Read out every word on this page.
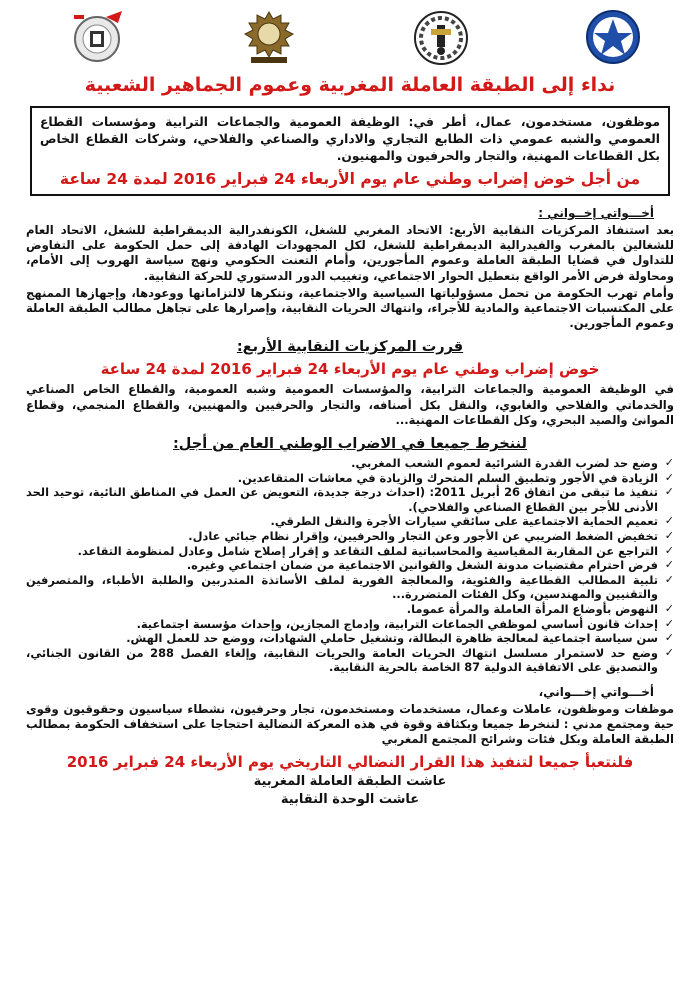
نداء إلى الطبقة العاملة المغربية وعموم الجماهير الشعبية

موظفون، مستخدمون، عمال، أطر في: الوظيفة العمومية والجماعات الترابية ومؤسسات القطاع العمومي والشبه عمومي ذات الطابع التجاري والاداري والصناعي والفلاحي، وشركات القطاع الخاص بكل القطاعات المهنية، والتجار والحرفيون والمهنيون.

من أجل خوض إضراب وطني عام يوم الأربعاء 24 فبراير 2016 لمدة 24 ساعة
أخـــواتي إخــواني :

بعد استنفاذ المركزيات النقابية الأربع: الاتحاد المغربي للشغل، الكونفدرالية الديمقراطية للشغل، الاتحاد العام للشغالين بالمغرب والفيدرالية الديمقراطية للشغل، لكل المجهودات الهادفة إلى حمل الحكومة على التفاوض للتداول في قضايا الطبقة العاملة وعموم المأجورين، وأمام التعنت الحكومي ونهج سياسة الهروب إلى الأمام، ومحاولة فرض الأمر الواقع بتعطيل الحوار الاجتماعي، وتغييب الدور الدستوري للحركة النقابية.

وأمام تهرب الحكومة من تحمل مسؤولياتها السياسية والاجتماعية، وتنكرها لالتزاماتها ووعودها، وإجهازها الممنهج على المكتسبات الاجتماعية والمادية للأجراء، وانتهاك الحريات النقابية، وإصرارها على تجاهل مطالب الطبقة العاملة وعموم المأجورين.

قررت المركزيات النقابية الأربع:
خوض إضراب وطني عام يوم الأربعاء 24 فبراير 2016 لمدة 24 ساعة

في الوظيفة العمومية والجماعات الترابية، والمؤسسات العمومية وشبه العمومية، والقطاع الخاص الصناعي والخدماتي والفلاحي والغابوي، والنقل بكل أصنافه، والتجار والحرفيين والمهنيين، والقطاع المنجمي، وقطاع الموانئ والصيد البحري، وكل القطاعات المهنية...

لننخرط جميعا في الاضراب الوطني العام من أجل:
✓
وضع حد لضرب القدرة الشرائية لعموم الشعب المغربي.
✓
الزيادة في الأجور وتطبيق السلم المتحرك والزيادة في معاشات المتقاعدين.
✓
تنفيذ ما تبقى من اتفاق 26 أبريل 2011: (احداث درجة جديدة، التعويض عن العمل في المناطق النائية، توحيد الحد الأدنى للأجر بين القطاع الصناعي والفلاحي).
✓
تعميم الحماية الاجتماعية على سائقي سيارات الأجرة والنقل الطرقي.
✓
تخفيض الضغط الضريبي عن الأجور وعن التجار والحرفيين، وإقرار نظام جبائي عادل.
✓
التراجع عن المقاربة المقياسية والمحاسباتية لملف التقاعد و إقرار إصلاح شامل وعادل لمنظومة التقاعد.
✓
فرض احترام مقتضيات مدونة الشغل والقوانين الاجتماعية من ضمان اجتماعي وغيره.
✓
تلبية المطالب القطاعية والفئوية، والمعالجة الفورية لملف الأساتذة المتدربين والطلبة الأطباء، والمتصرفين والتقنيين والمهندسين، وكل الفئات المتضررة...
✓
النهوض بأوضاع المرأة العاملة والمرأة عموما.
✓
إحداث قانون أساسي لموظفي الجماعات الترابية، وإدماج المجازين، وإحداث مؤسسة اجتماعية.
✓
سن سياسة اجتماعية لمعالجة ظاهرة البطالة، وتشغيل حاملي الشهادات، ووضع حد للعمل الهش.
✓
وضع حد لاستمرار مسلسل انتهاك الحريات العامة والحريات النقابية، وإلغاء الفصل 288 من القانون الجنائي، والتصديق على الاتفاقية الدولية 87 الخاصة بالحرية النقابية.
أخـــواتي إخـــواني،

موظفات وموظفون، عاملات وعمال، مستخدمات ومستخدمون، تجار وحرفيون، نشطاء سياسيون وحقوقيون وقوى حية ومجتمع مدني : لننخرط جميعا وبكثافة وقوة في هذه المعركة النضالية احتجاجا على استخفاف الحكومة بمطالب الطبقة العاملة وبكل فئات وشرائح المجتمع المغربي

فلنتعبأ جميعا لتنفيذ هذا القرار النضالي التاريخي يوم الأربعاء 24 فبراير 2016
عاشت الطبقة العاملة المغربية
عاشت الوحدة النقابية
